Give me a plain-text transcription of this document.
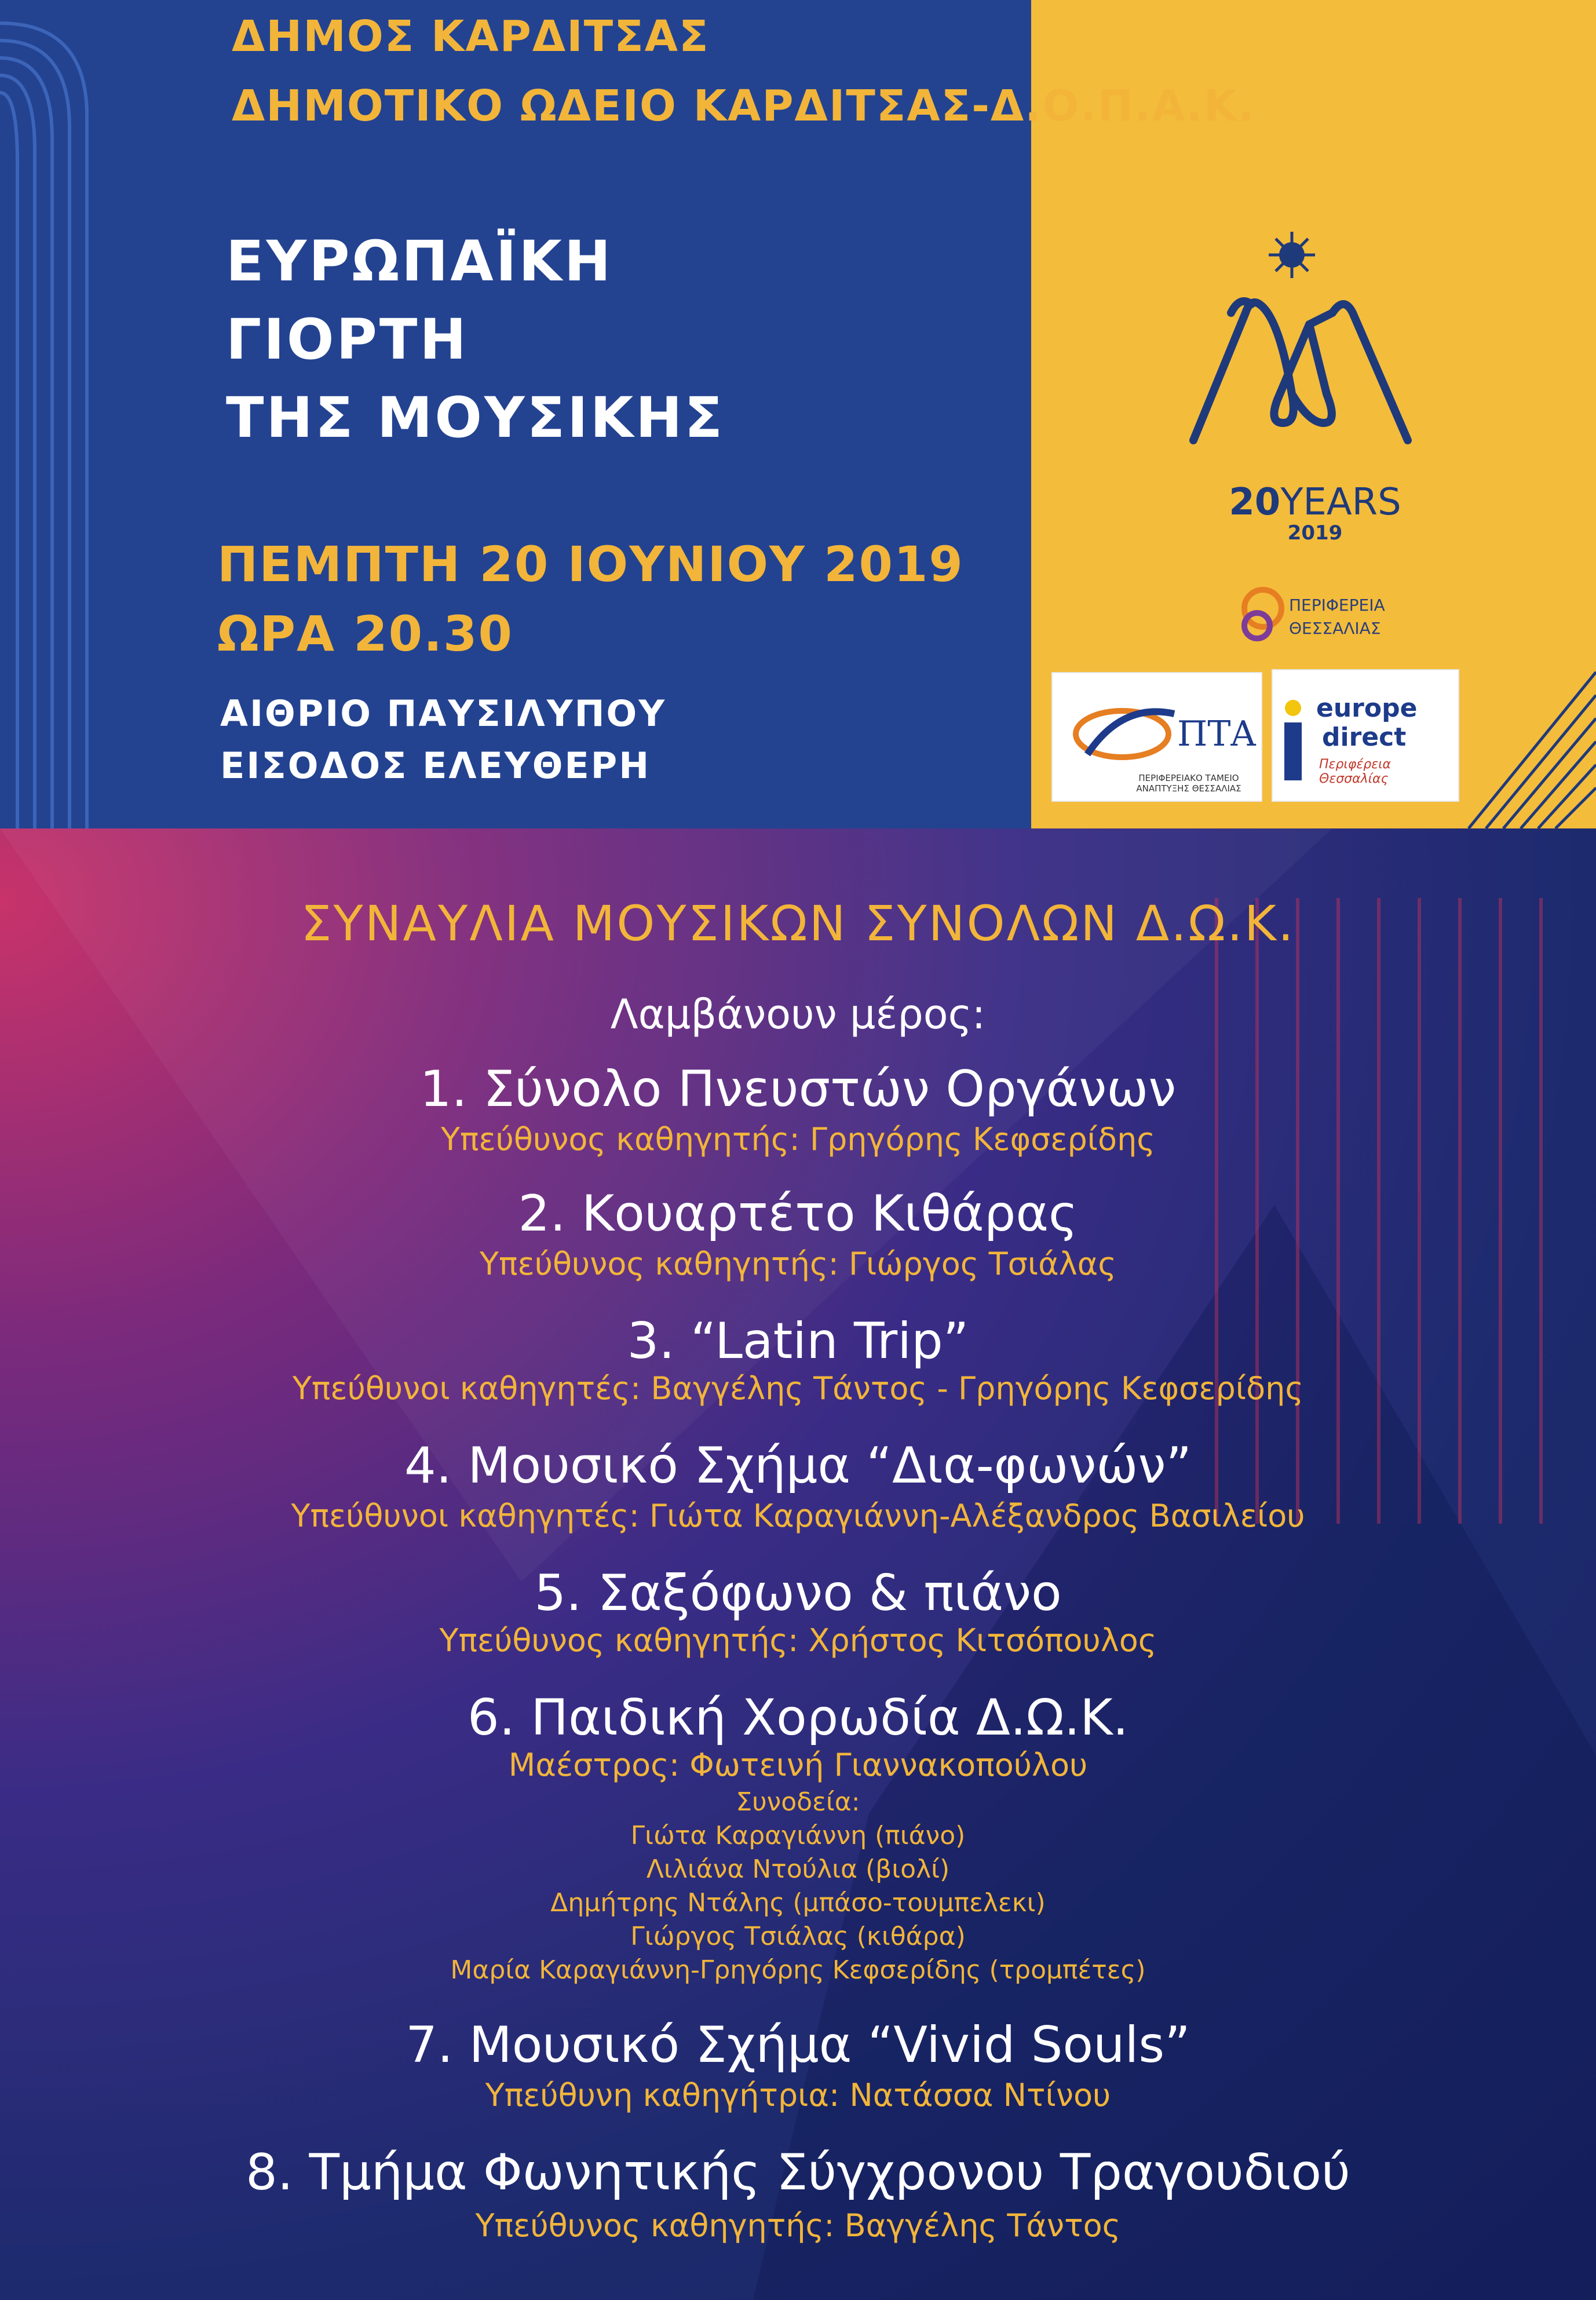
ΔΗΜΟΣ ΚΑΡΔΙΤΣΑΣ
ΔΗΜΟΤΙΚΟ ΩΔΕΙΟ ΚΑΡΔΙΤΣΑΣ-Δ.Ο.Π.Α.Κ.
ΕΥΡΩΠΑΪΚΗ
ΓΙΟΡΤΗ
ΤΗΣ ΜΟΥΣΙΚΗΣ
ΠΕΜΠΤΗ 20 ΙΟΥΝΙΟΥ 2019
ΩΡΑ 20.30
ΑΙΘΡΙΟ ΠΑΥΣΙΛΥΠΟΥ
ΕΙΣΟΔΟΣ ΕΛΕΥΘΕΡΗ
20YEARS
2019
ΠΕΡΙΦΕΡΕΙΑ
ΘΕΣΣΑΛΙΑΣ
ΠΤΑ
ΠΕΡΙΦΕΡΕΙΑΚΟ ΤΑΜΕΙΟ ΑΝΑΠΤΥΞΗΣ ΘΕΣΣΑΛΙΑΣ
europe
direct
Περιφέρεια Θεσσαλίας
ΣΥΝΑΥΛΙΑ ΜΟΥΣΙΚΩΝ ΣΥΝΟΛΩΝ Δ.Ω.Κ.
Λαμβάνουν μέρος:
1. Σύνολο Πνευστών Οργάνων
Υπεύθυνος καθηγητής: Γρηγόρης Κεφσερίδης
2. Κουαρτέτο Κιθάρας
Υπεύθυνος καθηγητής: Γιώργος Τσιάλας
3. “Latin Trip”
Υπεύθυνοι καθηγητές: Βαγγέλης Τάντος - Γρηγόρης Κεφσερίδης
4. Μουσικό Σχήμα “Δια-φωνών”
Υπεύθυνοι καθηγητές: Γιώτα Καραγιάννη-Αλέξανδρος Βασιλείου
5. Σαξόφωνο & πιάνο
Υπεύθυνος καθηγητής: Χρήστος Κιτσόπουλος
6. Παιδική Χορωδία Δ.Ω.Κ.
Μαέστρος: Φωτεινή Γιαννακοπούλου
Συνοδεία:
Γιώτα Καραγιάννη (πιάνο)
Λιλιάνα Ντούλια (βιολί)
Δημήτρης Ντάλης (μπάσο-τουμπελεκι)
Γιώργος Τσιάλας (κιθάρα)
Μαρία Καραγιάννη-Γρηγόρης Κεφσερίδης (τρομπέτες)
7. Μουσικό Σχήμα “Vivid Souls”
Υπεύθυνη καθηγήτρια: Νατάσσα Ντίνου
8. Τμήμα Φωνητικής Σύγχρονου Τραγουδιού
Υπεύθυνος καθηγητής: Βαγγέλης Τάντος
